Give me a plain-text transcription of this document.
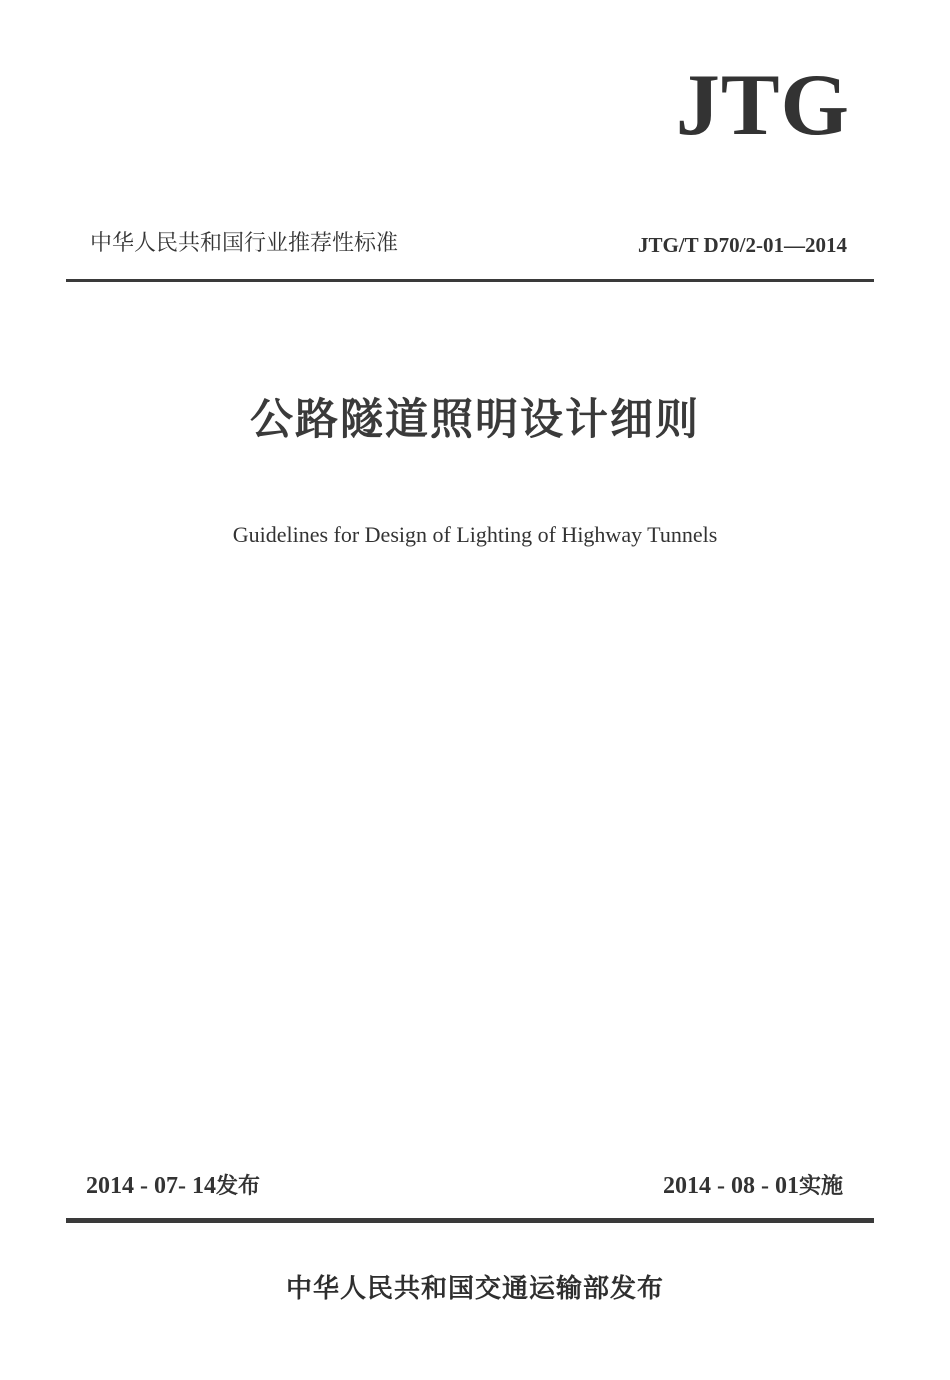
JTG
中华人民共和国行业推荐性标准	JTG/T D70/2-01—2014
公路隧道照明设计细则
Guidelines for Design of Lighting of Highway Tunnels
2014 - 07- 14发布	2014 - 08 - 01实施
中华人民共和国交通运输部发布
